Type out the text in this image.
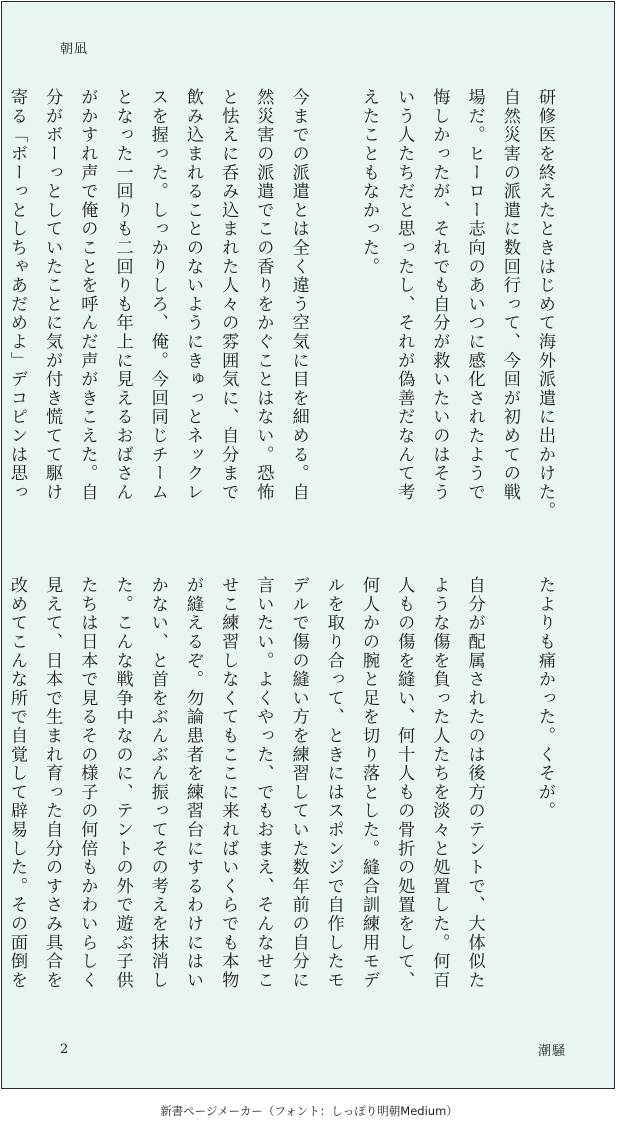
朝凪
研修医を終えたときはじめて海外派遣に出かけた。
自然災害の派遣に数回行って、今回が初めての戦
場だ。ヒーロー志向のあいつに感化されたようで
悔しかったが、それでも自分が救いたいのはそう
いう人たちだと思ったし、それが偽善だなんて考
えたこともなかった。
今までの派遣とは全く違う空気に目を細める。自
然災害の派遣でこの香りをかぐことはない。恐怖
と怯えに呑み込まれた人々の雰囲気に、自分まで
飲み込まれることのないようにきゅっとネックレ
スを握った。しっかりしろ、俺。今回同じチーム
となった一回りも二回りも年上に見えるおばさん
がかすれ声で俺のことを呼んだ声がきこえた。自
分がボーっとしていたことに気が付き慌てて駆け
寄る「ボーっとしちゃあだめよ」デコピンは思っ
たよりも痛かった。くそが。
自分が配属されたのは後方のテントで、大体似た
ような傷を負った人たちを淡々と処置した。何百
人もの傷を縫い、何十人もの骨折の処置をして、
何人かの腕と足を切り落とした。縫合訓練用モデ
ルを取り合って、ときにはスポンジで自作したモ
デルで傷の縫い方を練習していた数年前の自分に
言いたい。よくやった、でもおまえ、そんなせこ
せこ練習しなくてもここに来ればいくらでも本物
が縫えるぞ。勿論患者を練習台にするわけにはい
かない、と首をぶんぶん振ってその考えを抹消し
た。こんな戦争中なのに、テントの外で遊ぶ子供
たちは日本で見るその様子の何倍もかわいらしく
見えて、日本で生まれ育った自分のすさみ具合を
改めてこんな所で自覚して辟易した。その面倒を
2	潮騒
新書ページメーカー（フォント：しっぽり明朝Medium）
